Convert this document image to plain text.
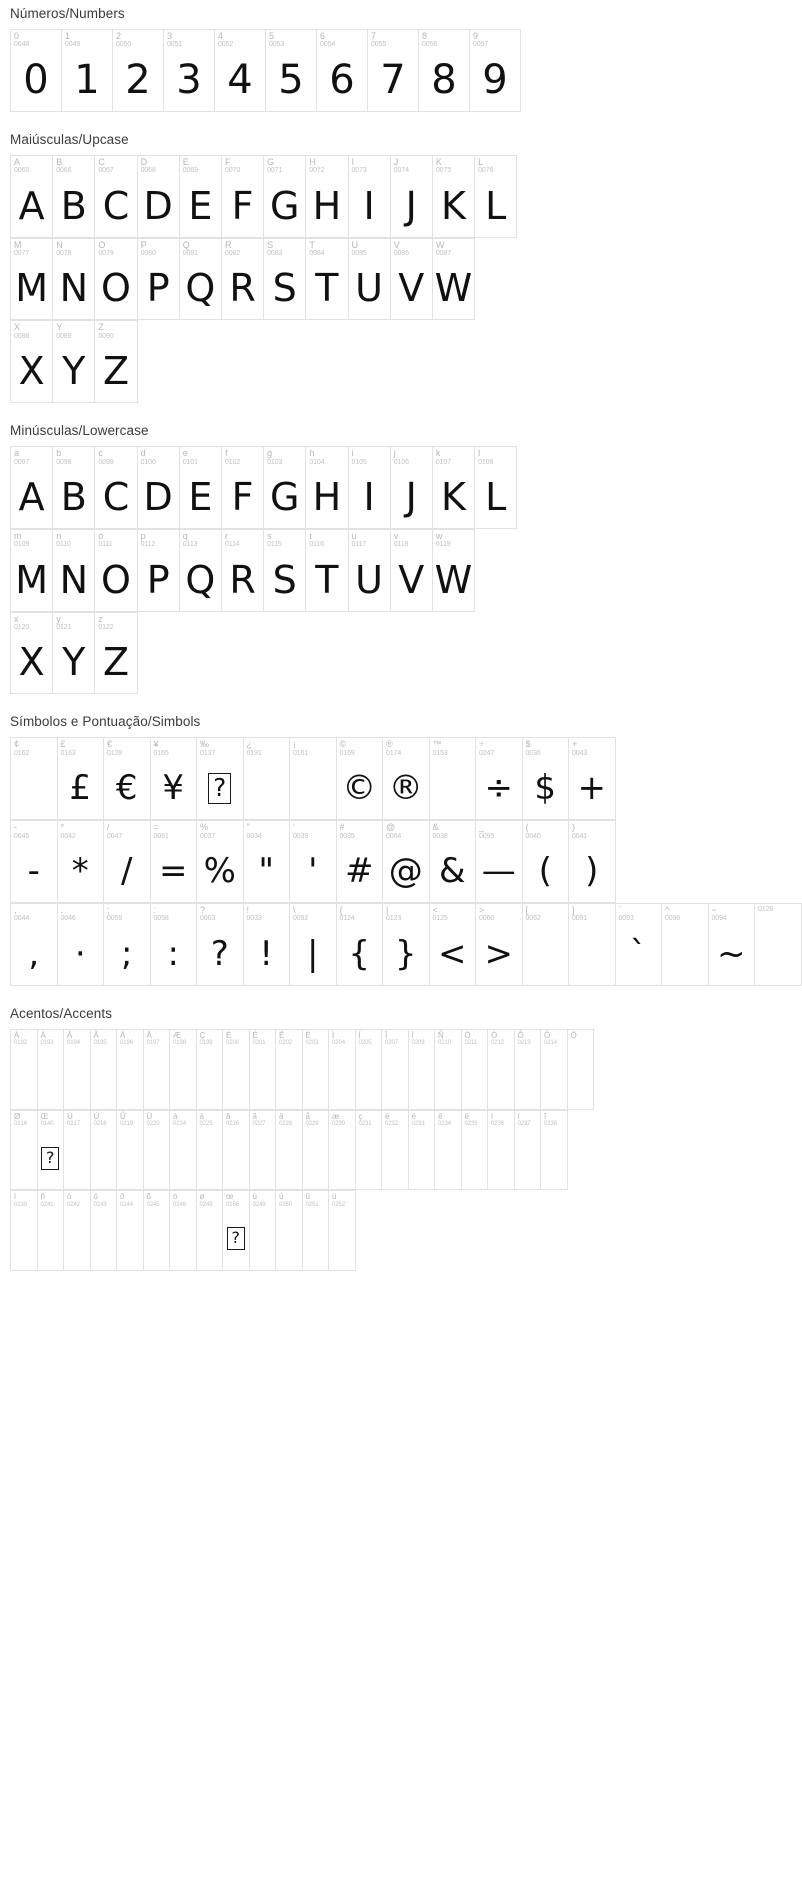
Números/Numbers
0
0048
0
1
0049
1
2
0050
2
3
0051
3
4
0052
4
5
0053
5
6
0054
6
7
0055
7
8
0056
8
9
0057
9
Maiúsculas/Upcase
A
0065
A
B
0066
B
C
0067
C
D
0068
D
E
0069
E
F
0070
F
G
0071
G
H
0072
H
I
0073
I
J
0074
J
K
0075
K
L
0076
L
M
0077
M
N
0078
N
O
0079
O
P
0080
P
Q
0081
Q
R
0082
R
S
0083
S
T
0084
T
U
0085
U
V
0086
V
W
0087
W
X
0088
X
Y
0089
Y
Z
0090
Z
Minúsculas/Lowercase
a
0097
A
b
0098
B
c
0099
C
d
0100
D
e
0101
E
f
0102
F
g
0103
G
h
0104
H
i
0105
I
j
0106
J
k
0107
K
l
0108
L
m
0109
M
n
0110
N
o
0111
O
p
0112
P
q
0113
Q
r
0114
R
s
0115
S
t
0116
T
u
0117
U
v
0118
V
w
0119
W
x
0120
X
y
0121
Y
z
0122
Z
Símbolos e Pontuação/Simbols
¢
0162
£
0163
£
€
0128
€
¥
0165
¥
‰
0137
?
¿
0191
¡
0161
©
0169
©
®
0174
®
™
0153
÷
0247
÷
$
0036
$
+
0043
+
-
0045
-
*
0042
*
/
0047
/
=
0061
=
%
0037
%
"
0034
"
'
0039
'
#
0035
#
@
0064
@
&
0038
&
_
0095
—
(
0040
(
)
0041
)
,
0044
,
.
0046
·
;
0059
;
:
0058
:
?
0063
?
!
0033
!
\
0092
|
{
0124
{
|
0123
}
<
0125
<
>
0060
>
[
0062
]
0091
`
0093
`
^
0096
~
0094
~
0126
Acentos/Accents
À
0192
Á
0193
Â
0194
Ã
0195
Ä
0196
Å
0197
Æ
0198
Ç
0199
È
0200
É
0201
Ê
0202
Ë
0203
Ì
0204
Í
0205
Î
0207
Ï
0209
Ñ
0210
Ò
0211
Ó
0212
Ô
0213
Õ
0214
Ö
Ø
0216
Œ
0140
?
Ù
0217
Ú
0218
Û
0219
Ü
0220
à
0224
á
0225
â
0226
ã
0227
ä
0228
å
0229
æ
0230
ç
0231
è
0232
é
0233
ê
0234
ë
0235
ì
0236
í
0237
î
0238
ï
0239
ñ
0241
ò
0242
ó
0243
ô
0244
õ
0245
ö
0246
ø
0248
œ
0156
?
ù
0249
ú
0250
û
0251
ü
0252
